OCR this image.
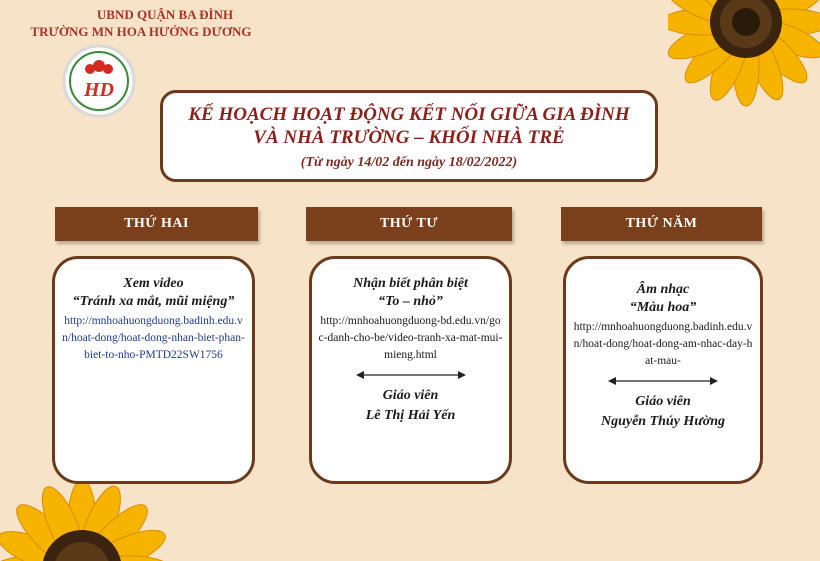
UBND QUẬN BA ĐÌNH
TRƯỜNG MN HOA HƯỚNG DƯƠNG
HD
KẾ HOẠCH HOẠT ĐỘNG KẾT NỐI GIỮA GIA ĐÌNH
VÀ NHÀ TRƯỜNG – KHỐI NHÀ TRẺ
(Từ ngày 14/02 đến ngày 18/02/2022)
THỨ HAI	THỨ TƯ	THỨ NĂM
Xem video
“Tránh xa mắt, mũi miệng”
http://mnhoahuongduong.badinh.edu.vn/hoat-dong/hoat-dong-nhan-biet-phan-biet-to-nho-PMTD22SW1756
Nhận biết phân biệt
“To – nhỏ”
http://mnhoahuongduong-bd.edu.vn/goc-danh-cho-be/video-tranh-xa-mat-mui-mieng.html
Giáo viên
Lê Thị Hải Yến
Âm nhạc
“Màu hoa”
http://mnhoahuongduong.badinh.edu.vn/hoat-dong/hoat-dong-am-nhac-day-hat-mau-
Giáo viên
Nguyễn Thúy Hường
